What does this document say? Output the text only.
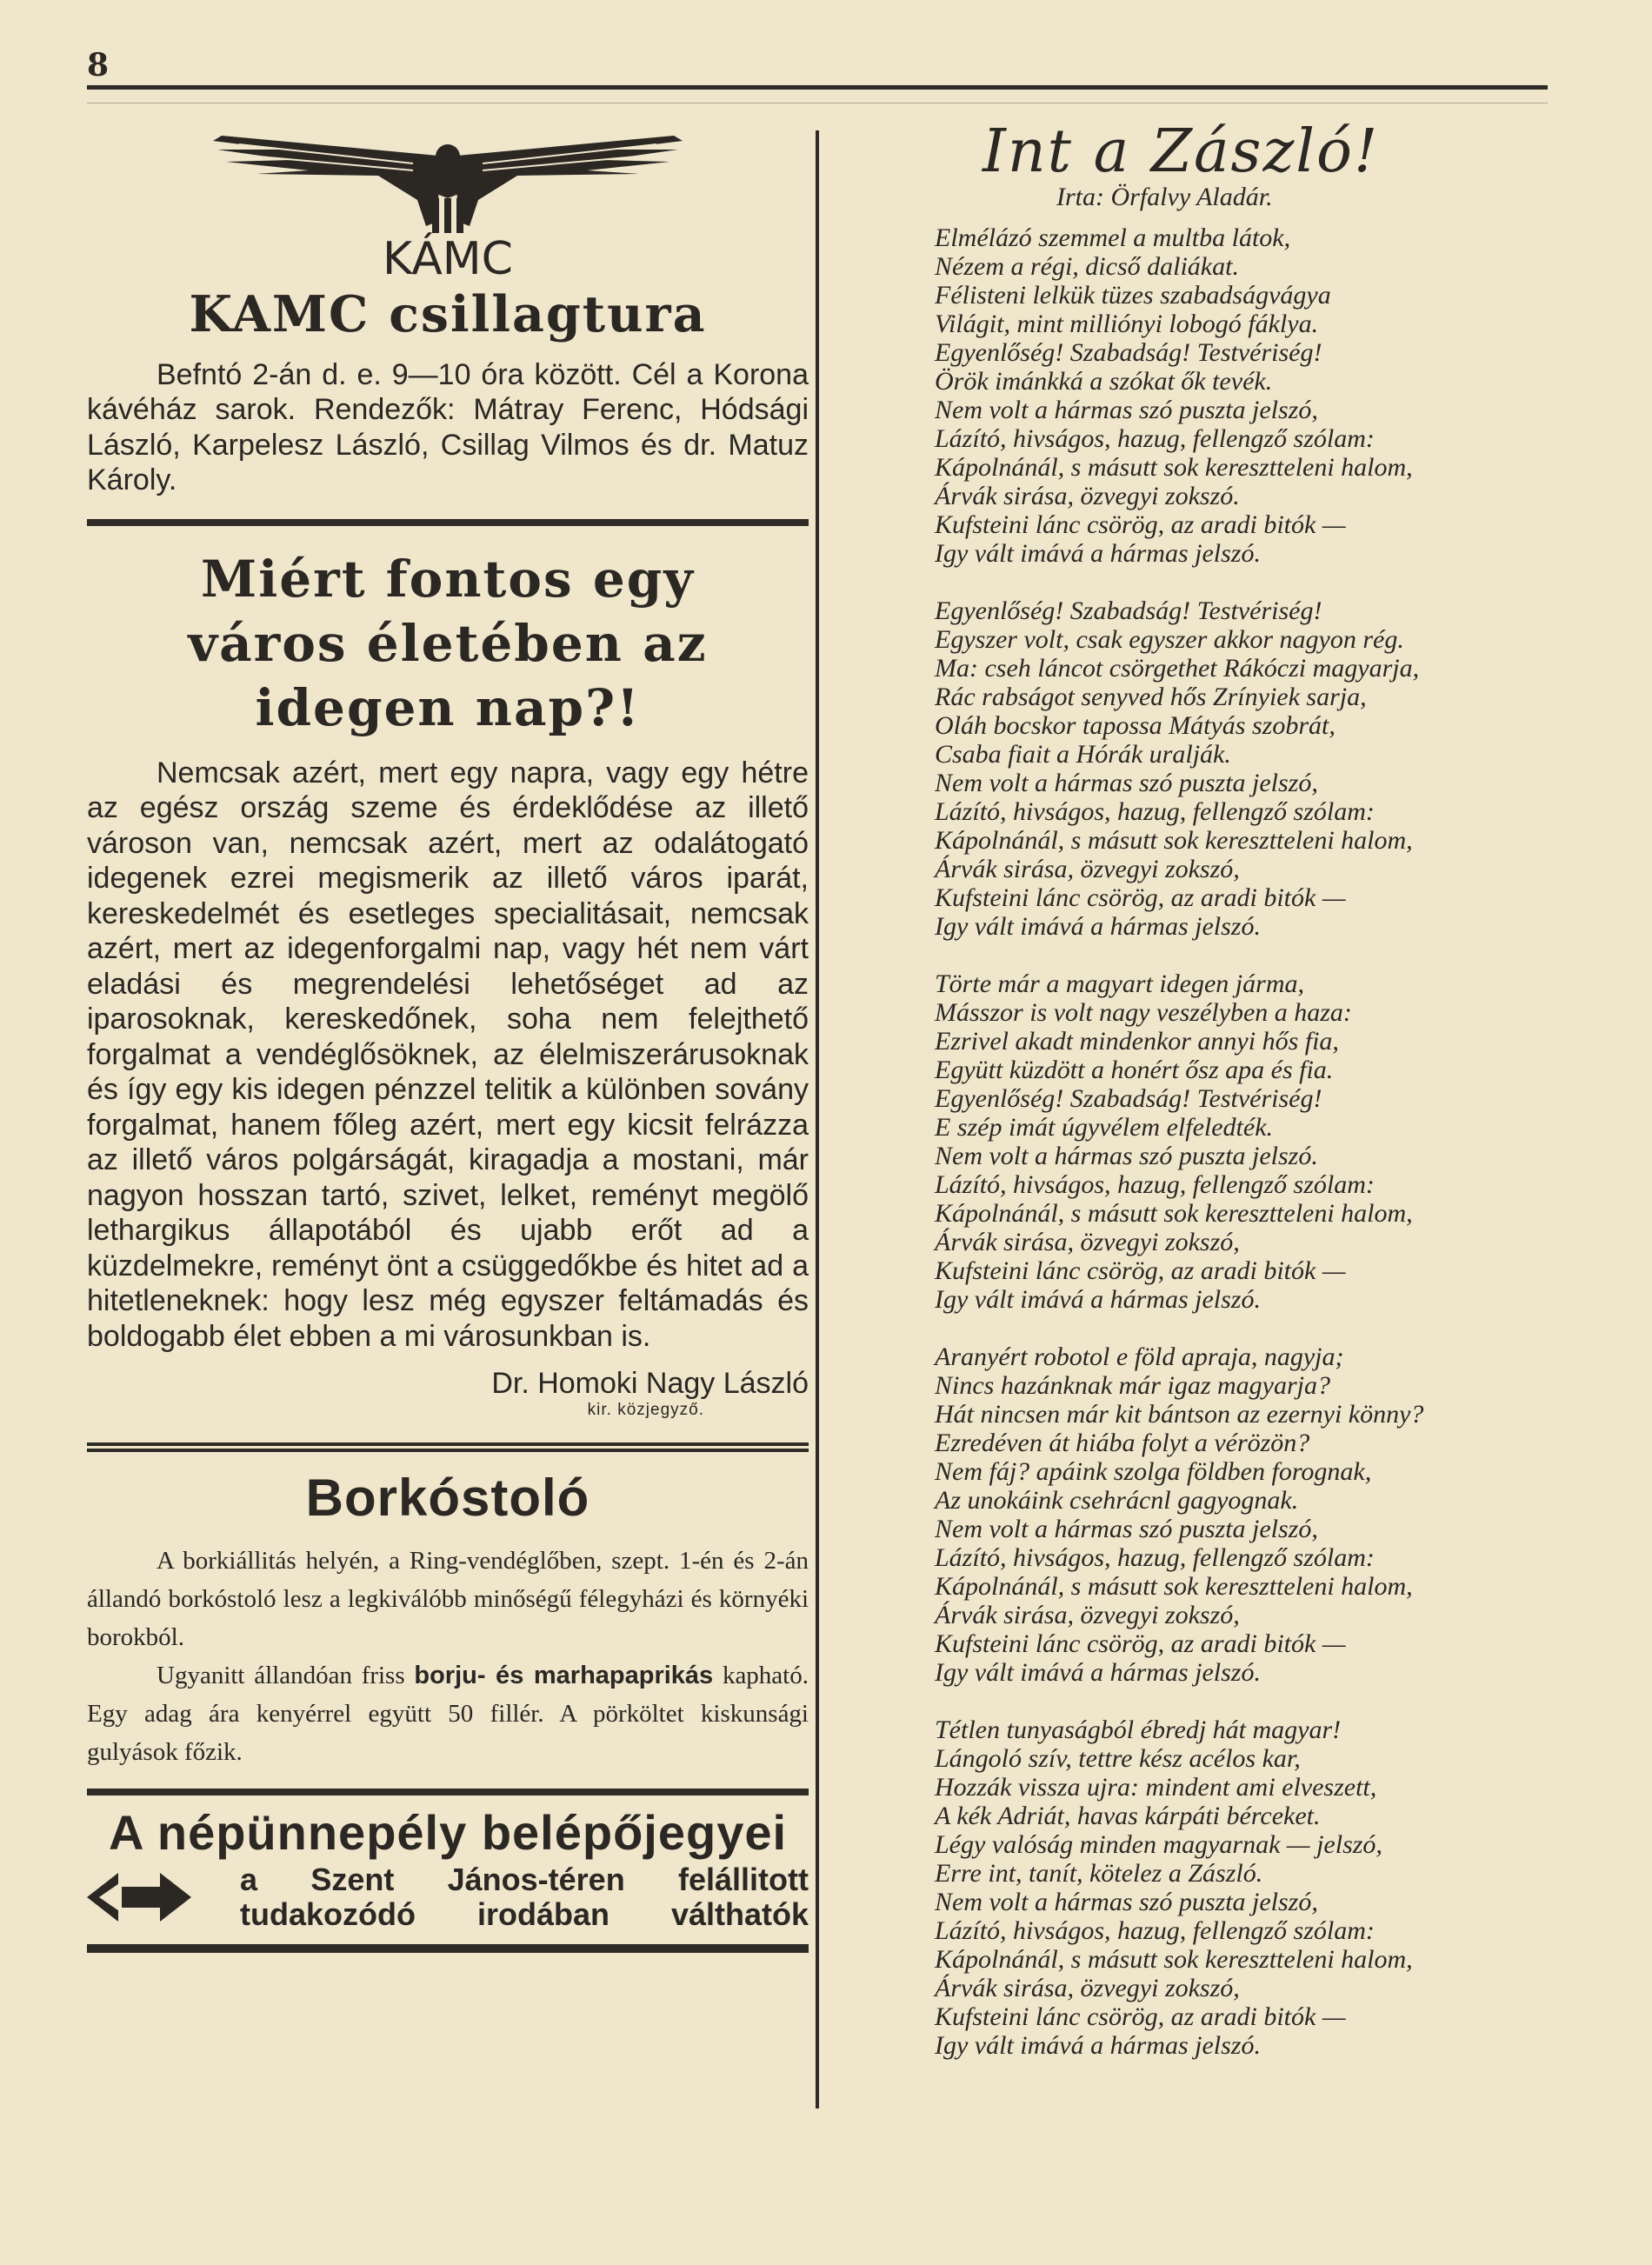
8
KÁMC
KAMC csillagtura

Befntó 2-án d. e. 9—10 óra között. Cél a Korona kávéház sarok. Rendezők: Mátray Ferenc, Hódsági László, Karpelesz László, Csillag Vilmos és dr. Matuz Károly.

Miért fontos egy
város életében az
idegen nap?!

Nemcsak azért, mert egy napra, vagy egy hétre az egész ország szeme és érdeklődése az illető városon van, nemcsak azért, mert az odalátogató idegenek ezrei megismerik az illető város iparát, kereskedelmét és esetleges specialitásait, nemcsak azért, mert az idegenforgalmi nap, vagy hét nem várt eladási és megrendelési lehetőséget ad az iparosoknak, kereskedőnek, soha nem felejthető forgalmat a vendéglősöknek, az élelmiszerárusoknak és így egy kis idegen pénzzel telitik a különben sovány forgalmat, hanem főleg azért, mert egy kicsit felrázza az illető város polgárságát, kiragadja a mostani, már nagyon hosszan tartó, szivet, lelket, reményt megölő lethargikus állapotából és ujabb erőt ad a küzdelmekre, reményt önt a csüggedőkbe és hitet ad a hitetleneknek: hogy lesz még egyszer feltámadás és boldogabb élet ebben a mi városunkban is.

Dr. Homoki Nagy László
kir. közjegyző.
Borkóstoló

A borkiállitás helyén, a Ring-vendéglőben, szept. 1-én és 2-án állandó borkóstoló lesz a legkiválóbb minőségű félegyházi és környéki borokból.

Ugyanitt állandóan friss borju- és marhapaprikás kapható. Egy adag ára kenyérrel együtt 50 fillér. A pörköltet kiskunsági gulyások főzik.

A népünnepély belépőjegyei
a Szent János-téren felállitott
tudakozódó irodában válthatók
Int a Zászló!
Irta: Örfalvy Aladár.
Elmélázó szemmel a multba látok,
Nézem a régi, dicső daliákat.
Félisteni lelkük tüzes szabadságvágya
Világit, mint milliónyi lobogó fáklya.
Egyenlőség! Szabadság! Testvériség!
Örök imánkká a szókat ők tevék.
Nem volt a hármas szó puszta jelszó,
Lázító, hivságos, hazug, fellengző szólam:
Kápolnánál, s másutt sok keresztteleni halom,
Árvák sirása, özvegyi zokszó.
Kufsteini lánc csörög, az aradi bitók —
Igy vált imává a hármas jelszó.
Egyenlőség! Szabadság! Testvériség!
Egyszer volt, csak egyszer akkor nagyon rég.
Ma: cseh láncot csörgethet Rákóczi magyarja,
Rác rabságot senyved hős Zrínyiek sarja,
Oláh bocskor tapossa Mátyás szobrát,
Csaba fiait a Hórák uralják.
Nem volt a hármas szó puszta jelszó,
Lázító, hivságos, hazug, fellengző szólam:
Kápolnánál, s másutt sok keresztteleni halom,
Árvák sirása, özvegyi zokszó,
Kufsteini lánc csörög, az aradi bitók —
Igy vált imává a hármas jelszó.
Törte már a magyart idegen járma,
Másszor is volt nagy veszélyben a haza:
Ezrivel akadt mindenkor annyi hős fia,
Együtt küzdött a honért ősz apa és fia.
Egyenlőség! Szabadság! Testvériség!
E szép imát úgyvélem elfeledték.
Nem volt a hármas szó puszta jelszó.
Lázító, hivságos, hazug, fellengző szólam:
Kápolnánál, s másutt sok keresztteleni halom,
Árvák sirása, özvegyi zokszó,
Kufsteini lánc csörög, az aradi bitók —
Igy vált imává a hármas jelszó.
Aranyért robotol e föld apraja, nagyja;
Nincs hazánknak már igaz magyarja?
Hát nincsen már kit bántson az ezernyi könny?
Ezredéven át hiába folyt a vérözön?
Nem fáj? apáink szolga földben forognak,
Az unokáink csehrácnl gagyognak.
Nem volt a hármas szó puszta jelszó,
Lázító, hivságos, hazug, fellengző szólam:
Kápolnánál, s másutt sok keresztteleni halom,
Árvák sirása, özvegyi zokszó,
Kufsteini lánc csörög, az aradi bitók —
Igy vált imává a hármas jelszó.
Tétlen tunyaságból ébredj hát magyar!
Lángoló szív, tettre kész acélos kar,
Hozzák vissza ujra: mindent ami elveszett,
A kék Adriát, havas kárpáti bérceket.
Légy valóság minden magyarnak — jelszó,
Erre int, tanít, kötelez a Zászló.
Nem volt a hármas szó puszta jelszó,
Lázító, hivságos, hazug, fellengző szólam:
Kápolnánál, s másutt sok keresztteleni halom,
Árvák sirása, özvegyi zokszó,
Kufsteini lánc csörög, az aradi bitók —
Igy vált imává a hármas jelszó.
